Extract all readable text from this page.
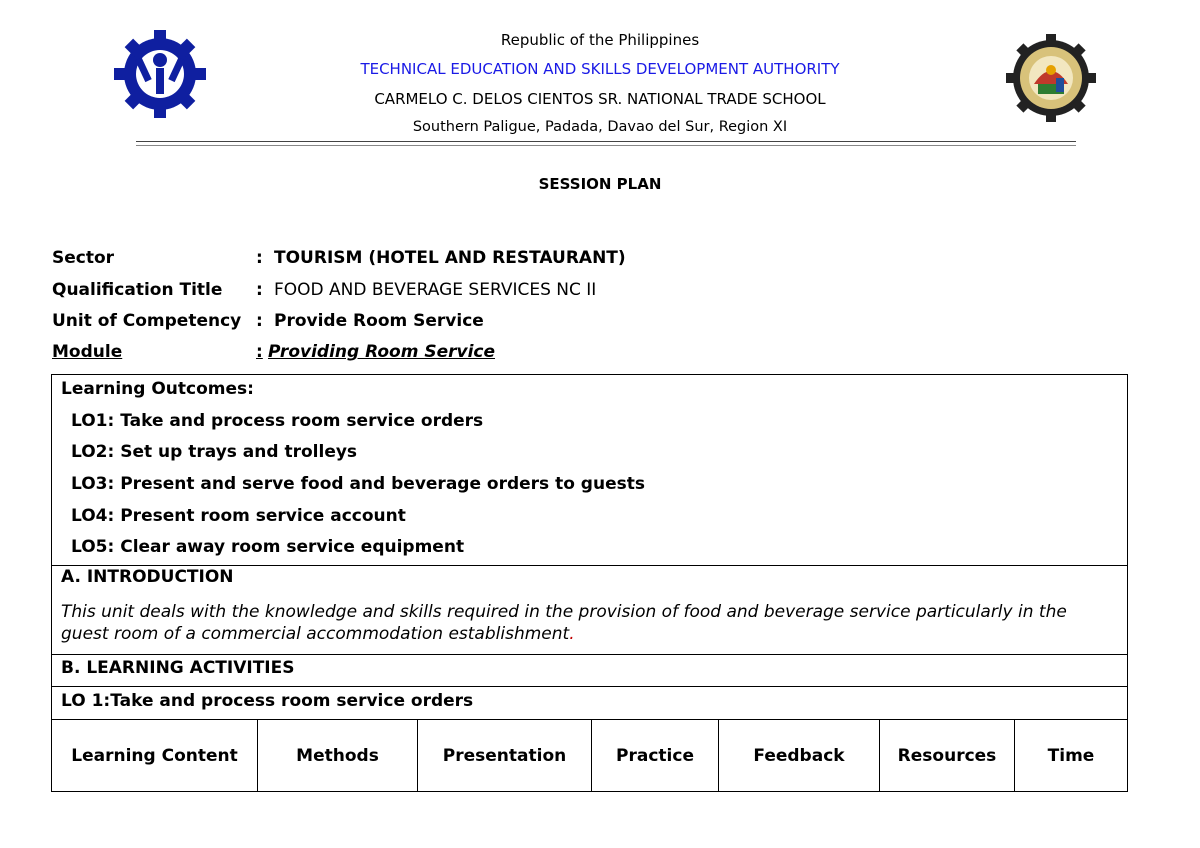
Republic of the Philippines
TECHNICAL EDUCATION AND SKILLS DEVELOPMENT AUTHORITY
CARMELO C. DELOS CIENTOS SR. NATIONAL TRADE SCHOOL
Southern Paligue, Padada, Davao del Sur, Region XI
SESSION PLAN
Sector	: TOURISM (HOTEL AND RESTAURANT)
Qualification Title : FOOD AND BEVERAGE SERVICES NC II
Unit of Competency : Provide Room Service
Module	: Providing Room Service
Learning Outcomes:
LO1: Take and process room service orders
LO2: Set up trays and trolleys
LO3: Present and serve food and beverage orders to guests
LO4: Present room service account
LO5: Clear away room service equipment
A. INTRODUCTION
This unit deals with the knowledge and skills required in the provision of food and beverage service particularly in the guest room of a commercial accommodation establishment.
B. LEARNING ACTIVITIES
LO 1:Take and process room service orders
Learning Content	Methods	Presentation	Practice	Feedback	Resources	Time
